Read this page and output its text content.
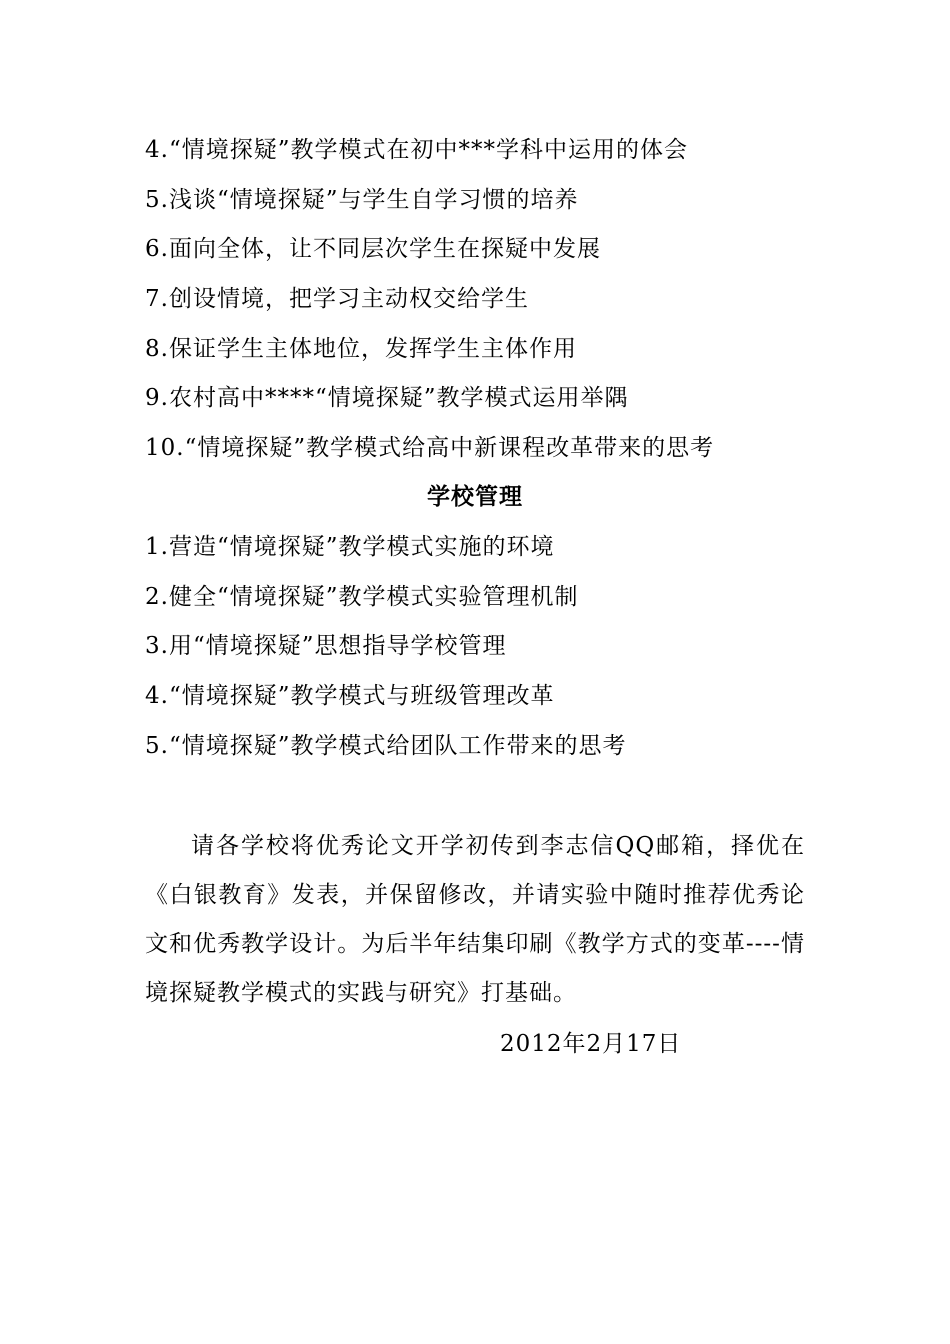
4.“情境探疑”教学模式在初中***学科中运用的体会
5.浅谈“情境探疑”与学生自学习惯的培养
6.面向全体，让不同层次学生在探疑中发展
7.创设情境，把学习主动权交给学生
8.保证学生主体地位，发挥学生主体作用
9.农村高中****“情境探疑”教学模式运用举隅
10.“情境探疑”教学模式给高中新课程改革带来的思考
学校管理
1.营造“情境探疑”教学模式实施的环境
2.健全“情境探疑”教学模式实验管理机制
3.用“情境探疑”思想指导学校管理
4.“情境探疑”教学模式与班级管理改革
5.“情境探疑”教学模式给团队工作带来的思考

请各学校将优秀论文开学初传到李志信QQ邮箱，择优在《白银教育》发表，并保留修改，并请实验中随时推荐优秀论文和优秀教学设计。为后半年结集印刷《教学方式的变革----情境探疑教学模式的实践与研究》打基础。

2012年2月17日
